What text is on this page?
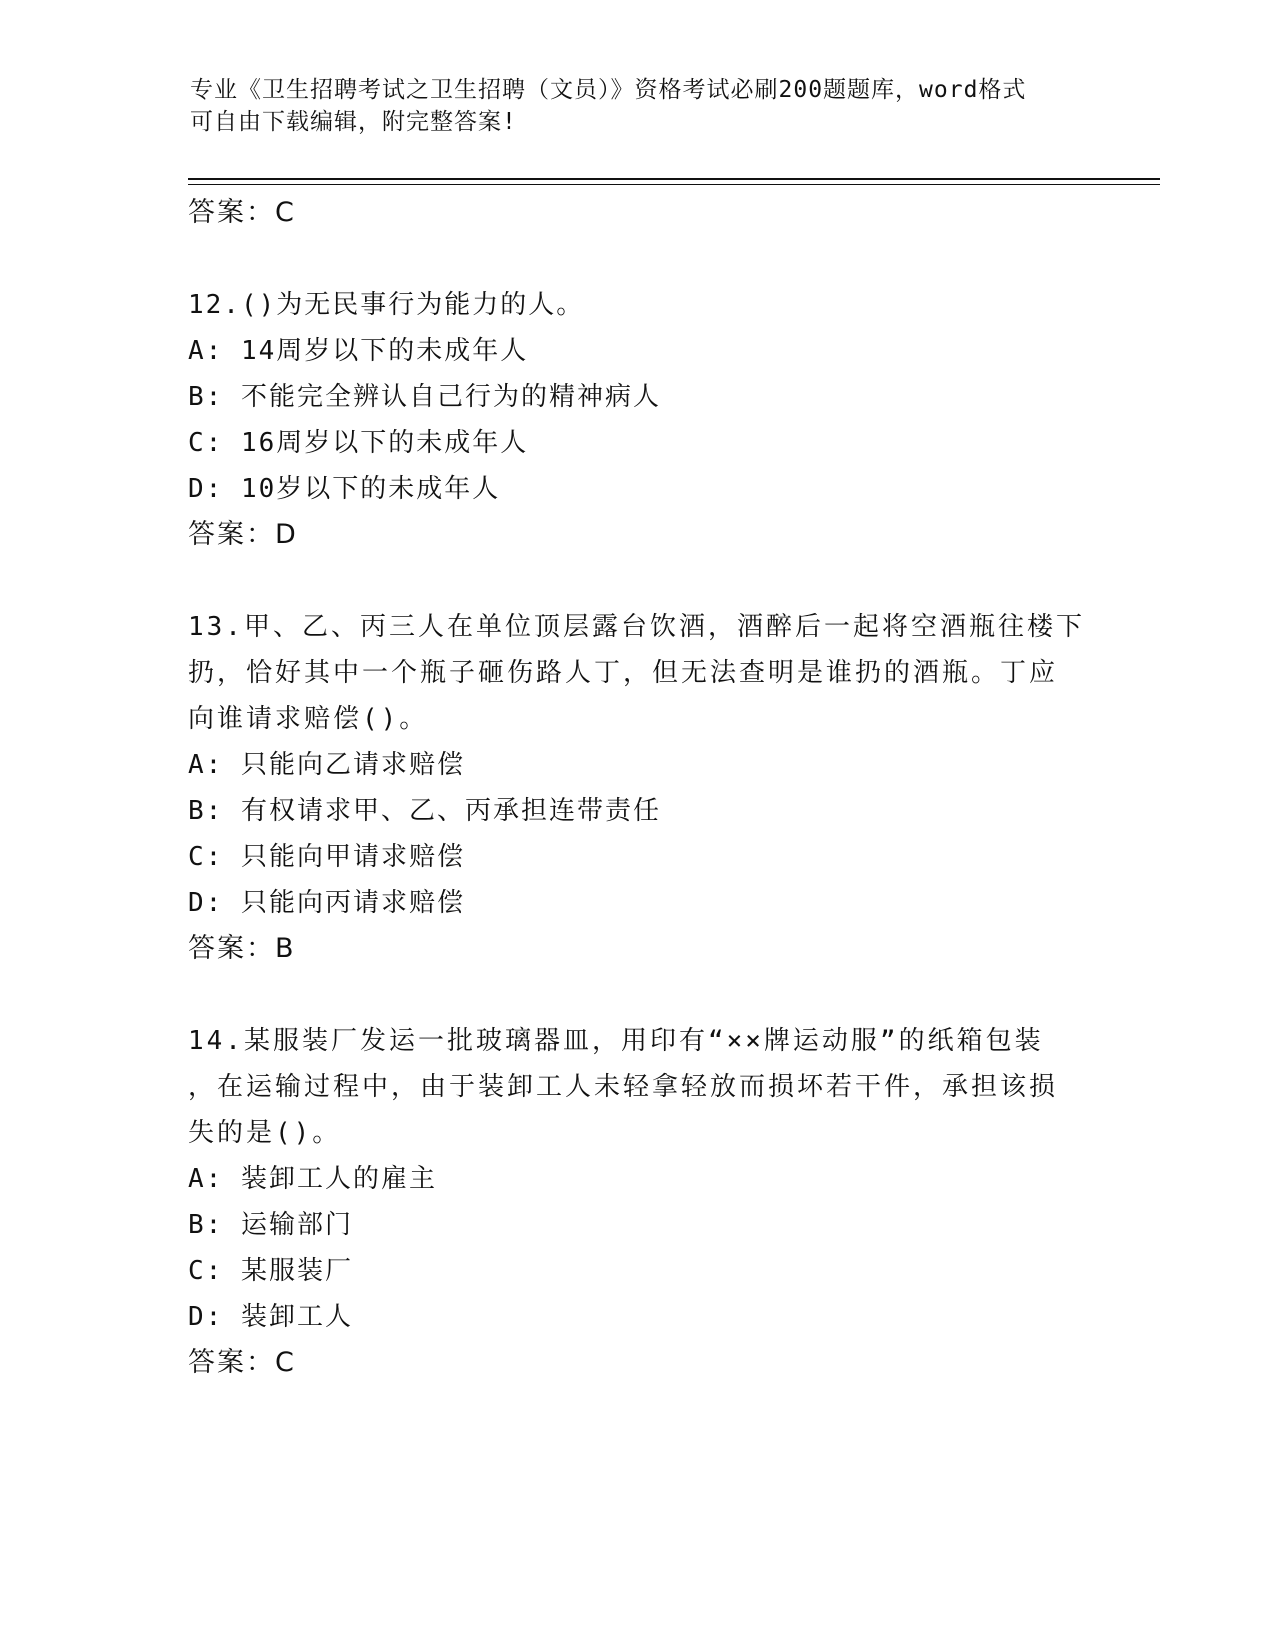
专业《卫生招聘考试之卫生招聘（文员）》资格考试必刷200题题库，word格式
可自由下载编辑，附完整答案!
答案：C
12.()为无民事行为能力的人。
A: 14周岁以下的未成年人
B: 不能完全辨认自己行为的精神病人
C: 16周岁以下的未成年人
D: 10岁以下的未成年人
答案：D
13.甲、乙、丙三人在单位顶层露台饮酒，酒醉后一起将空酒瓶往楼下
扔，恰好其中一个瓶子砸伤路人丁，但无法查明是谁扔的酒瓶。丁应
向谁请求赔偿()。
A: 只能向乙请求赔偿
B: 有权请求甲、乙、丙承担连带责任
C: 只能向甲请求赔偿
D: 只能向丙请求赔偿
答案：B
14.某服装厂发运一批玻璃器皿，用印有“××牌运动服”的纸箱包装
，在运输过程中，由于装卸工人未轻拿轻放而损坏若干件，承担该损
失的是()。
A: 装卸工人的雇主
B: 运输部门
C: 某服装厂
D: 装卸工人
答案：C
